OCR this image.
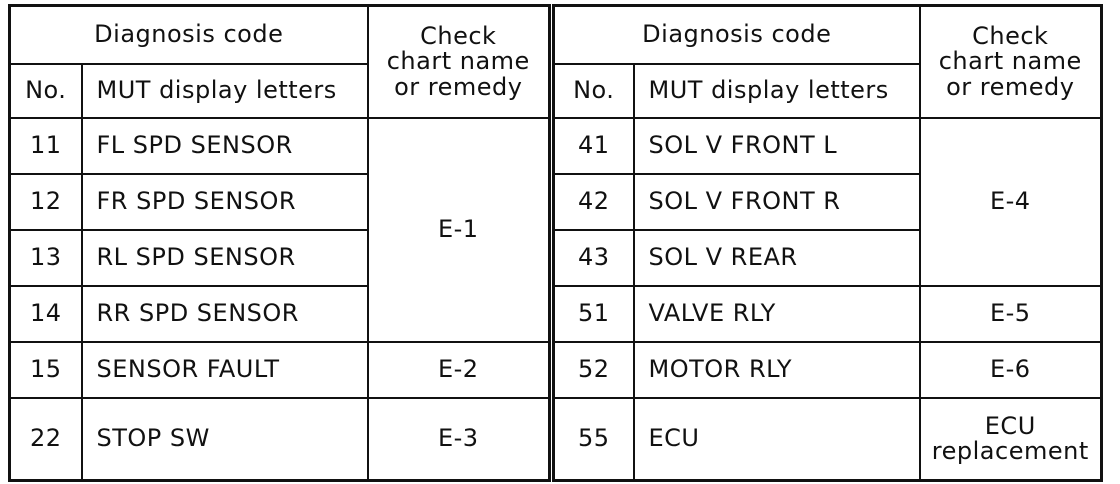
Diagnosis code		Check
chart name
or remedy
No.	MUT display letters	
11	FL SPD SENSOR	E-1
12	FR SPD SENSOR	
13	RL SPD SENSOR	
14	RR SPD SENSOR	
15	SENSOR FAULT	E-2
22	STOP SW	E-3
Diagnosis code		Check
chart name
or remedy
No.	MUT display letters	
41	SOL V FRONT L	E-4
42	SOL V FRONT R	
43	SOL V REAR	
51	VALVE RLY	E-5
52	MOTOR RLY	E-6
55	ECU	ECU
replacement
